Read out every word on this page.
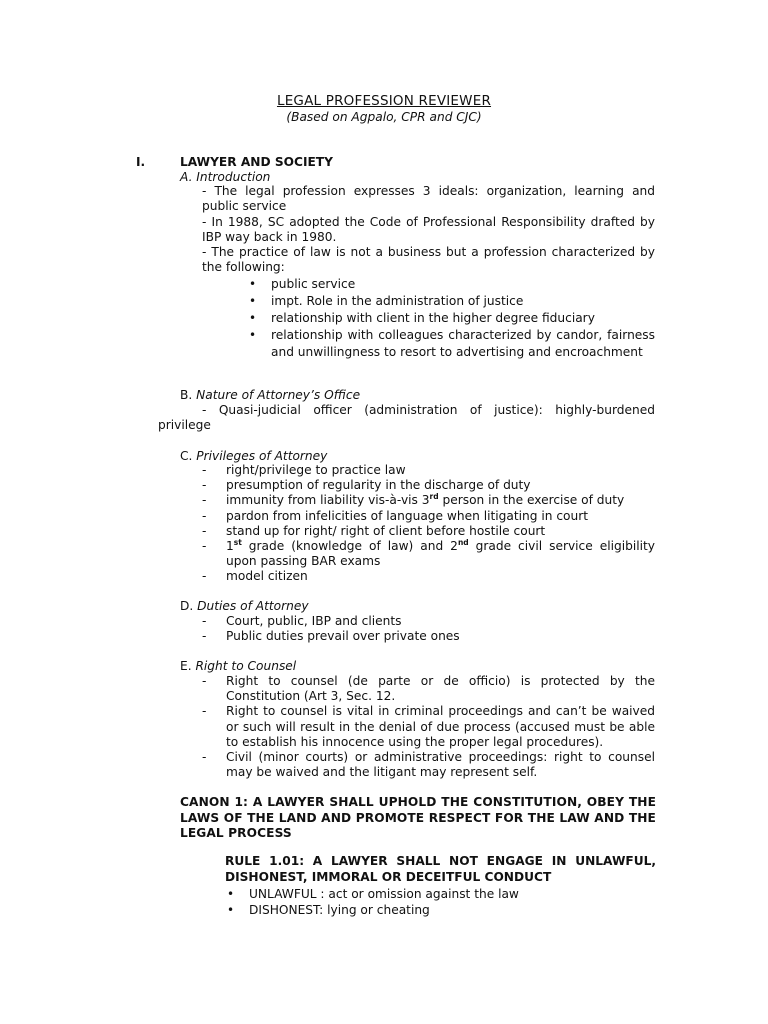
LEGAL PROFESSION REVIEWER
(Based on Agpalo, CPR and CJC)
I.	LAWYER AND SOCIETY
A. Introduction
- The legal profession expresses 3 ideals: organization, learning and public service
- In 1988, SC adopted the Code of Professional Responsibility drafted by IBP way back in 1980.
- The practice of law is not a business but a profession characterized by the following:
• public service
• impt. Role in the administration of justice
• relationship with client in the higher degree fiduciary
• relationship with colleagues characterized by candor, fairness and unwillingness to resort to advertising and encroachment
B. Nature of Attorney’s Office
- Quasi-judicial officer (administration of justice): highly-burdened
privilege
C. Privileges of Attorney
- right/privilege to practice law
- presumption of regularity in the discharge of duty
- immunity from liability vis-à-vis 3rd person in the exercise of duty
- pardon from infelicities of language when litigating in court
- stand up for right/ right of client before hostile court
- 1st grade (knowledge of law) and 2nd grade civil service eligibility upon passing BAR exams
- model citizen
D. Duties of Attorney
- Court, public, IBP and clients
- Public duties prevail over private ones
E. Right to Counsel
- Right to counsel (de parte or de officio) is protected by the Constitution (Art 3, Sec. 12.
- Right to counsel is vital in criminal proceedings and can’t be waived or such will result in the denial of due process (accused must be able to establish his innocence using the proper legal procedures).
- Civil (minor courts) or administrative proceedings: right to counsel may be waived and the litigant may represent self.
CANON 1: A LAWYER SHALL UPHOLD THE CONSTITUTION, OBEY THE LAWS OF THE LAND AND PROMOTE RESPECT FOR THE LAW AND THE LEGAL PROCESS
RULE 1.01: A LAWYER SHALL NOT ENGAGE IN UNLAWFUL, DISHONEST, IMMORAL OR DECEITFUL CONDUCT
• UNLAWFUL : act or omission against the law
• DISHONEST: lying or cheating
